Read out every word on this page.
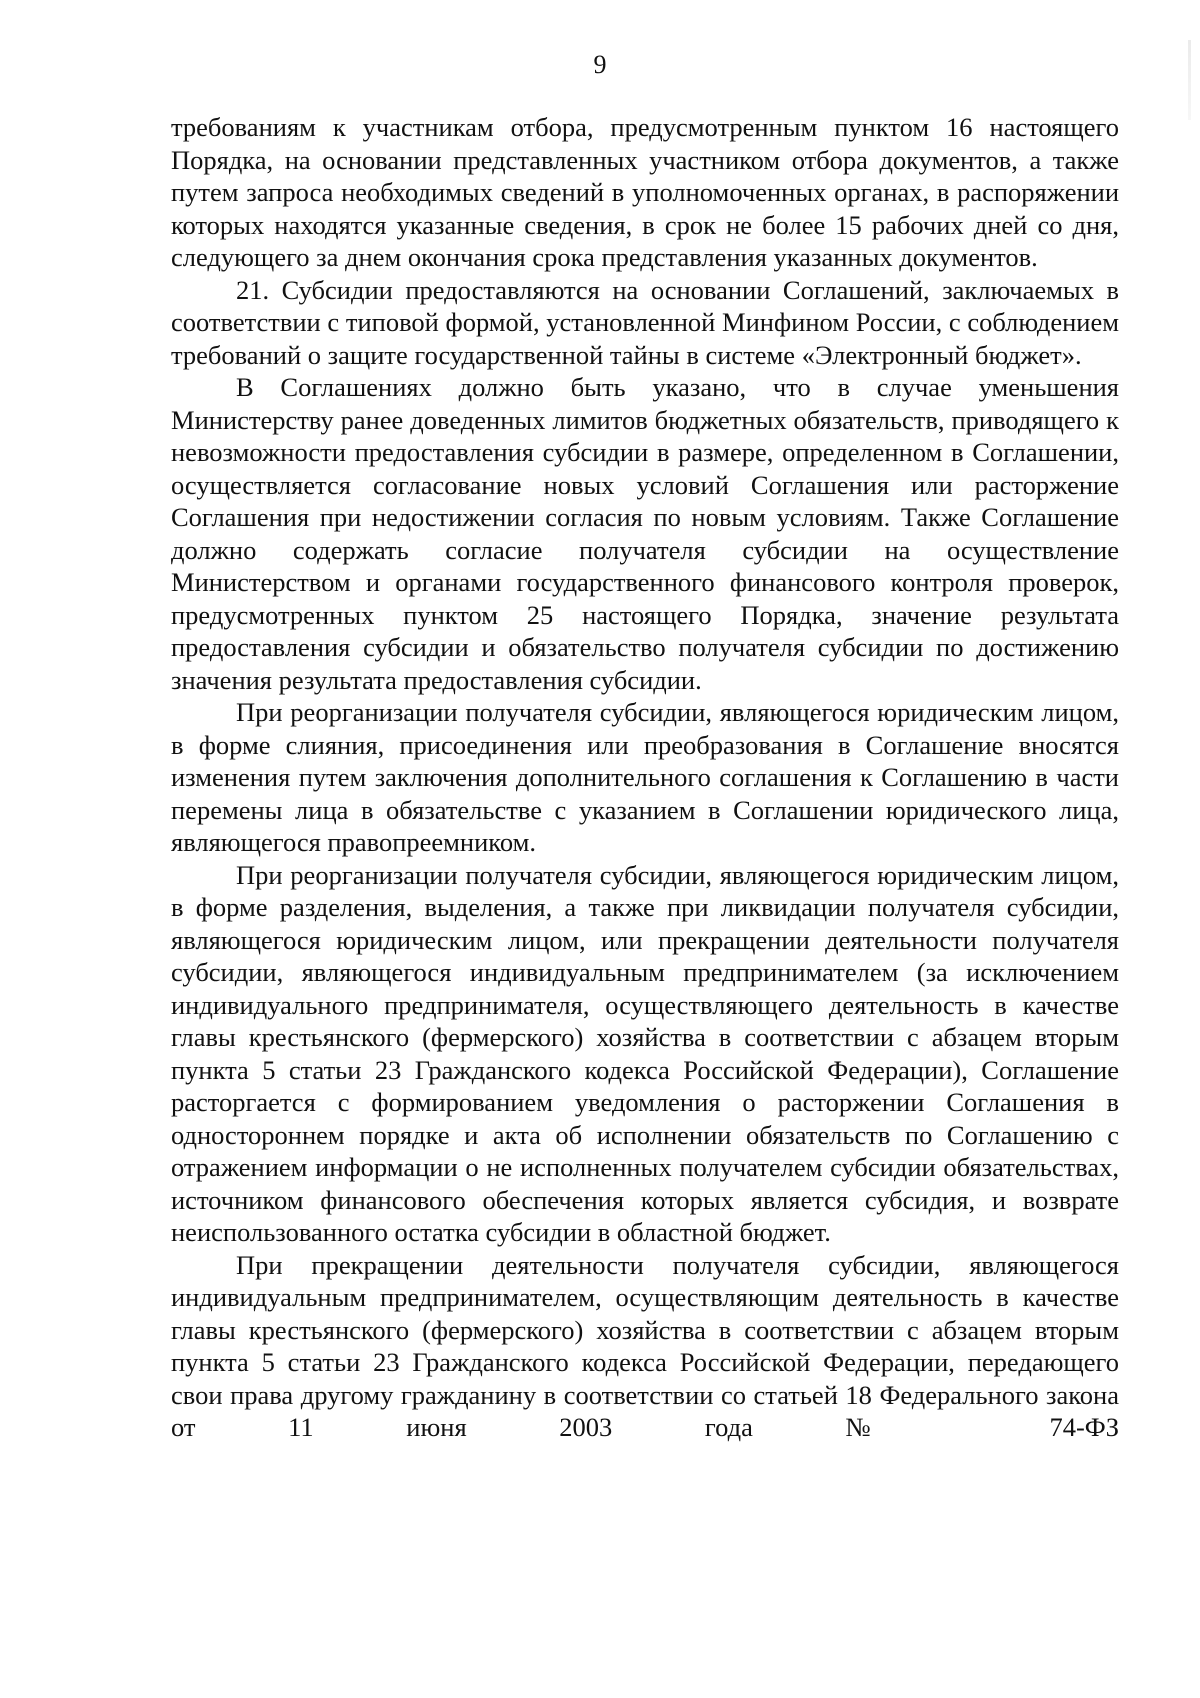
9

требованиям к участникам отбора, предусмотренным пунктом 16 настоящего Порядка, на основании представленных участником отбора документов, а также путем запроса необходимых сведений в уполномоченных органах, в распоряжении которых находятся указанные сведения, в срок не более 15 рабочих дней со дня, следующего за днем окончания срока представления указанных документов.

21. Субсидии предоставляются на основании Соглашений, заключаемых в соответствии с типовой формой, установленной Минфином России, с соблюдением требований о защите государственной тайны в системе «Электронный бюджет».

В Соглашениях должно быть указано, что в случае уменьшения Министерству ранее доведенных лимитов бюджетных обязательств, приводящего к невозможности предоставления субсидии в размере, определенном в Соглашении, осуществляется согласование новых условий Соглашения или расторжение Соглашения при недостижении согласия по новым условиям. Также Соглашение должно содержать согласие получателя субсидии на осуществление Министерством и органами государственного финансового контроля проверок, предусмотренных пунктом 25 настоящего Порядка, значение результата предоставления субсидии и обязательство получателя субсидии по достижению значения результата предоставления субсидии.

При реорганизации получателя субсидии, являющегося юридическим лицом, в форме слияния, присоединения или преобразования в Соглашение вносятся изменения путем заключения дополнительного соглашения к Соглашению в части перемены лица в обязательстве с указанием в Соглашении юридического лица, являющегося правопреемником.

При реорганизации получателя субсидии, являющегося юридическим лицом, в форме разделения, выделения, а также при ликвидации получателя субсидии, являющегося юридическим лицом, или прекращении деятельности получателя субсидии, являющегося индивидуальным предпринимателем (за исключением индивидуального предпринимателя, осуществляющего деятельность в качестве главы крестьянского (фермерского) хозяйства в соответствии с абзацем вторым пункта 5 статьи 23 Гражданского кодекса Российской Федерации), Соглашение расторгается с формированием уведомления о расторжении Соглашения в одностороннем порядке и акта об исполнении обязательств по Соглашению с отражением информации о не исполненных получателем субсидии обязательствах, источником финансового обеспечения которых является субсидия, и возврате неиспользованного остатка субсидии в областной бюджет.

При прекращении деятельности получателя субсидии, являющегося индивидуальным предпринимателем, осуществляющим деятельность в качестве главы крестьянского (фермерского) хозяйства в соответствии с абзацем вторым пункта 5 статьи 23 Гражданского кодекса Российской Федерации, передающего свои права другому гражданину в соответствии со статьей 18 Федерального закона от 11 июня 2003 года № 74-ФЗ
